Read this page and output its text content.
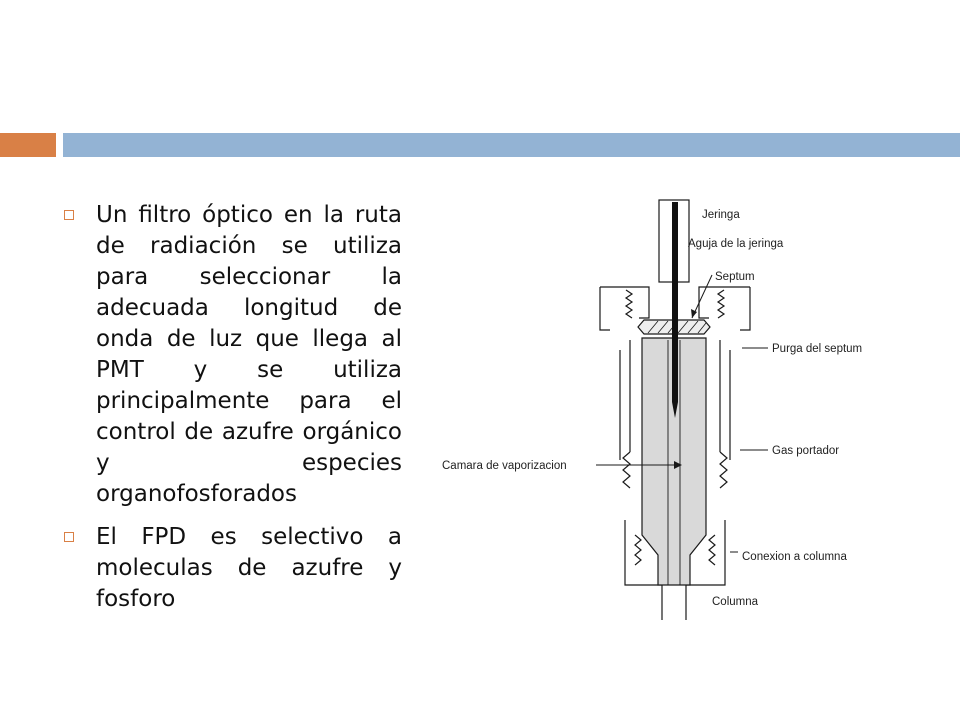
Un filtro óptico en la ruta de radiación se utiliza para seleccionar la adecuada longitud de onda de luz que llega al PMT y se utiliza principalmente para el control de azufre orgánico y especies organofosforados
El FPD es selectivo a moleculas de azufre y fosforo
Jeringa
Aguja de la jeringa
Septum
Purga del septum
Gas portador
Camara de vaporizacion
Conexion a columna
Columna
